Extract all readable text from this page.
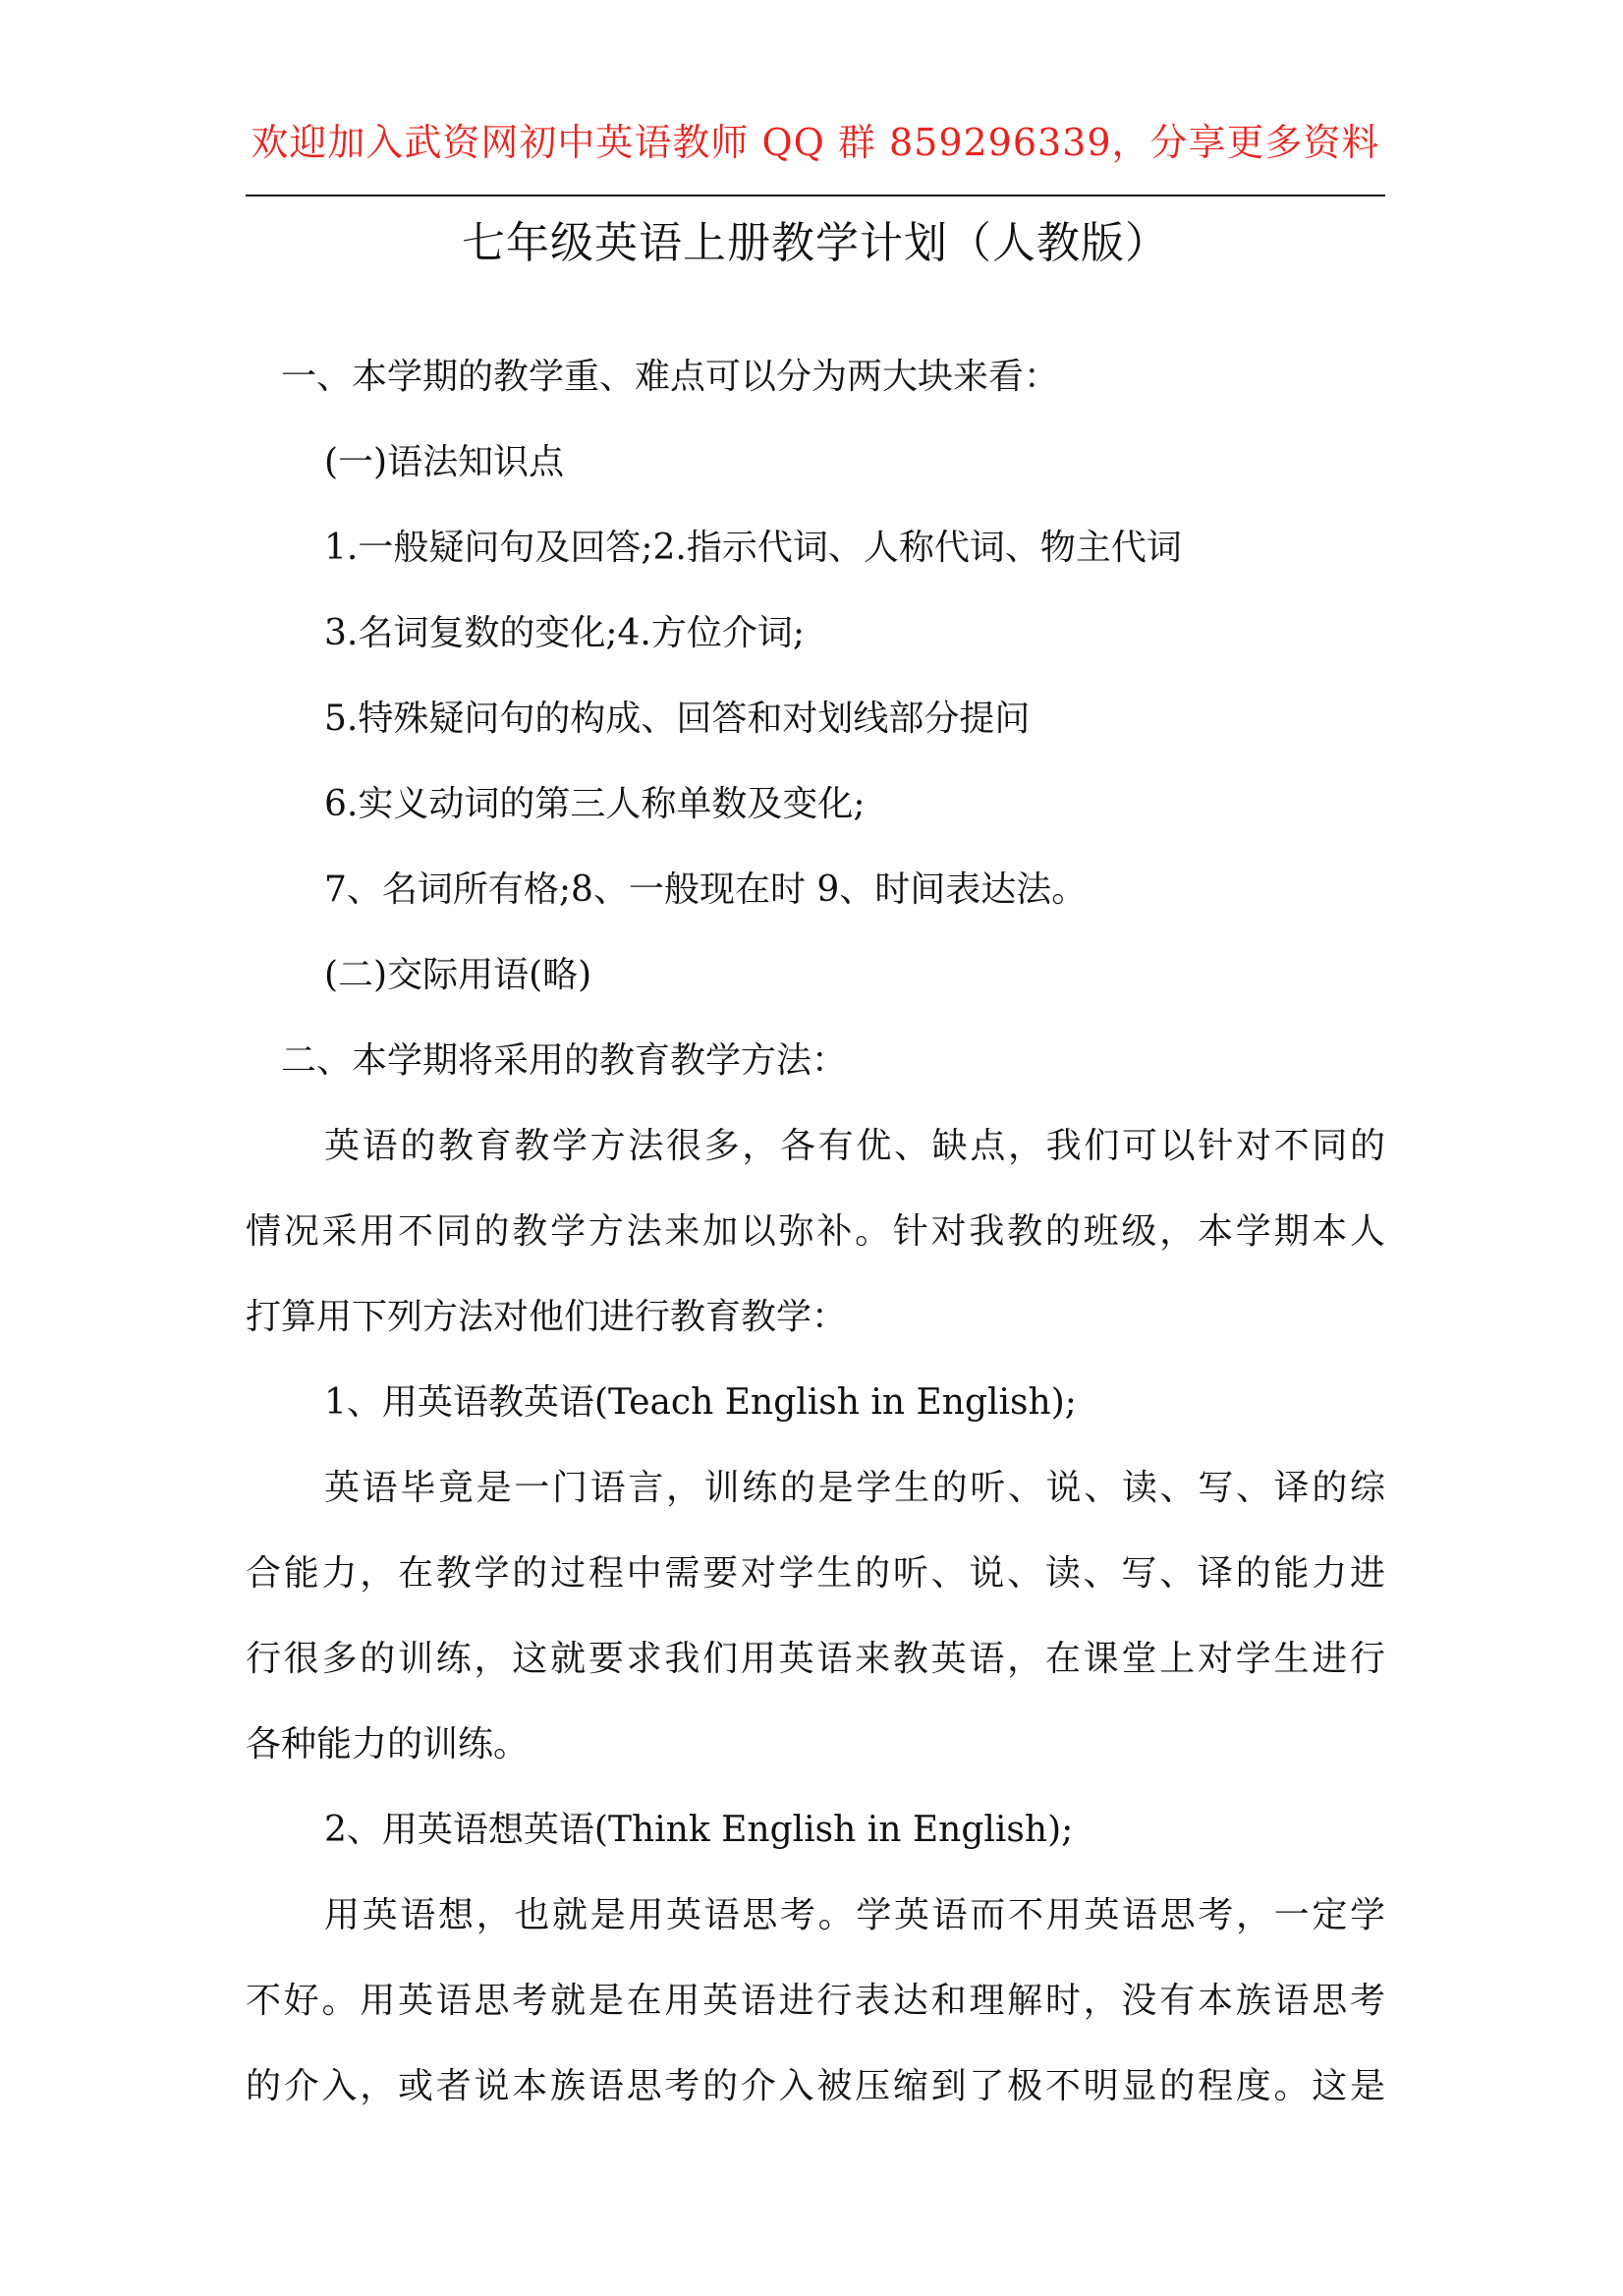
欢迎加入武资网初中英语教师 QQ 群 859296339，分享更多资料
七年级英语上册教学计划（人教版）
一、本学期的教学重、难点可以分为两大块来看：
(一)语法知识点
1.一般疑问句及回答;2.指示代词、人称代词、物主代词
3.名词复数的变化;4.方位介词;
5.特殊疑问句的构成、回答和对划线部分提问
6.实义动词的第三人称单数及变化;
7、名词所有格;8、一般现在时 9、时间表达法。
(二)交际用语(略)
二、本学期将采用的教育教学方法：
英语的教育教学方法很多，各有优、缺点，我们可以针对不同的
情况采用不同的教学方法来加以弥补。针对我教的班级，本学期本人
打算用下列方法对他们进行教育教学：
1、用英语教英语(Teach English in English);
英语毕竟是一门语言，训练的是学生的听、说、读、写、译的综
合能力，在教学的过程中需要对学生的听、说、读、写、译的能力进
行很多的训练，这就要求我们用英语来教英语，在课堂上对学生进行
各种能力的训练。
2、用英语想英语(Think English in English);
用英语想，也就是用英语思考。学英语而不用英语思考，一定学
不好。用英语思考就是在用英语进行表达和理解时，没有本族语思考
的介入，或者说本族语思考的介入被压缩到了极不明显的程度。这是
